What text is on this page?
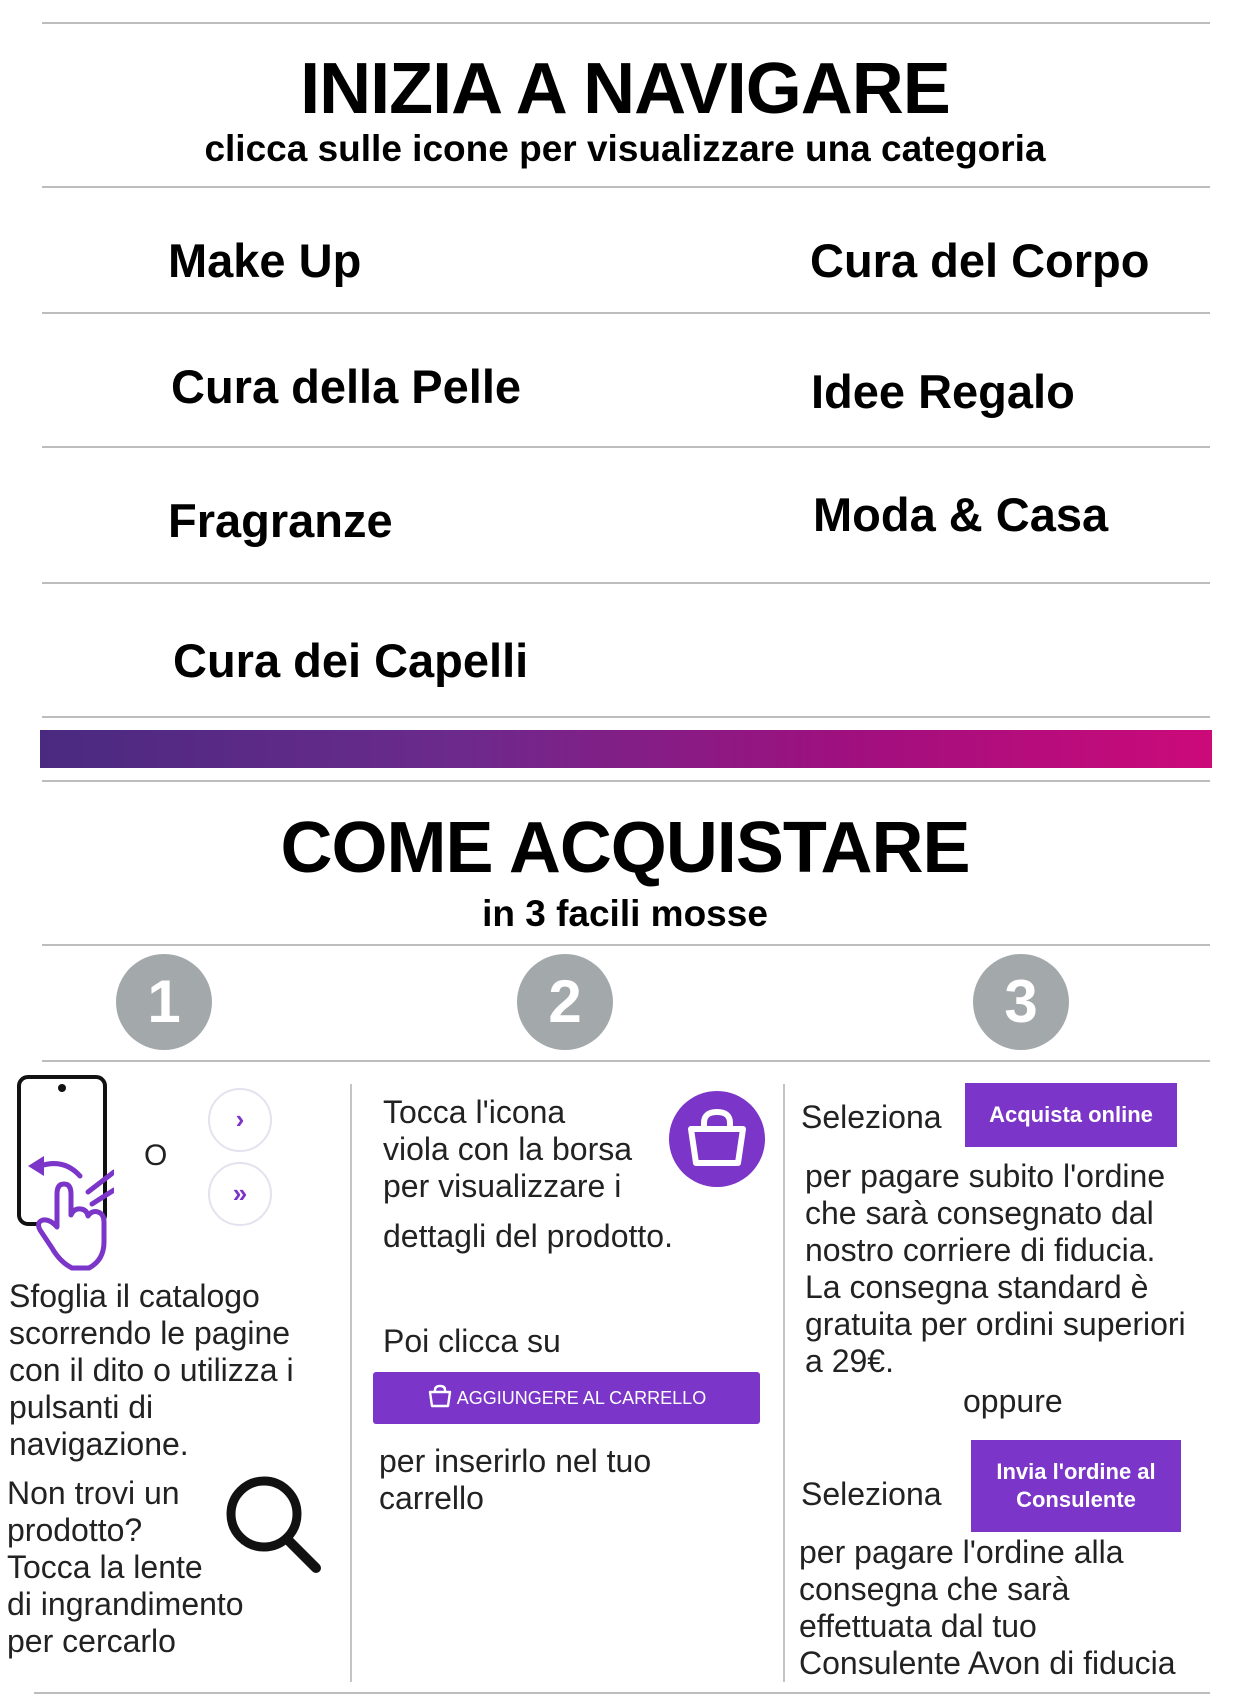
INIZIA A NAVIGARE
clicca sulle icone per visualizzare una categoria
Make Up	Cura del Corpo
Cura della Pelle	Idee Regalo
Fragranze	Moda & Casa
Cura dei Capelli
COME ACQUISTARE
in 3 facili mosse
1	2	3
O
›
»
Sfoglia il catalogo
scorrendo le pagine
con il dito o utilizza i
pulsanti di
navigazione.
Non trovi un
prodotto?
Tocca la lente
di ingrandimento
per cercarlo
Tocca l'icona
viola con la borsa
per visualizzare i
dettagli del prodotto.
Poi clicca su
AGGIUNGERE AL CARRELLO
per inserirlo nel tuo
carrello
Seleziona	Acquista online
per pagare subito l'ordine
che sarà consegnato dal
nostro corriere di fiducia.
La consegna standard è
gratuita per ordini superiori
a 29€.
oppure
Seleziona
Invia l'ordine al Consulente
per pagare l'ordine alla
consegna che sarà
effettuata dal tuo
Consulente Avon di fiducia
